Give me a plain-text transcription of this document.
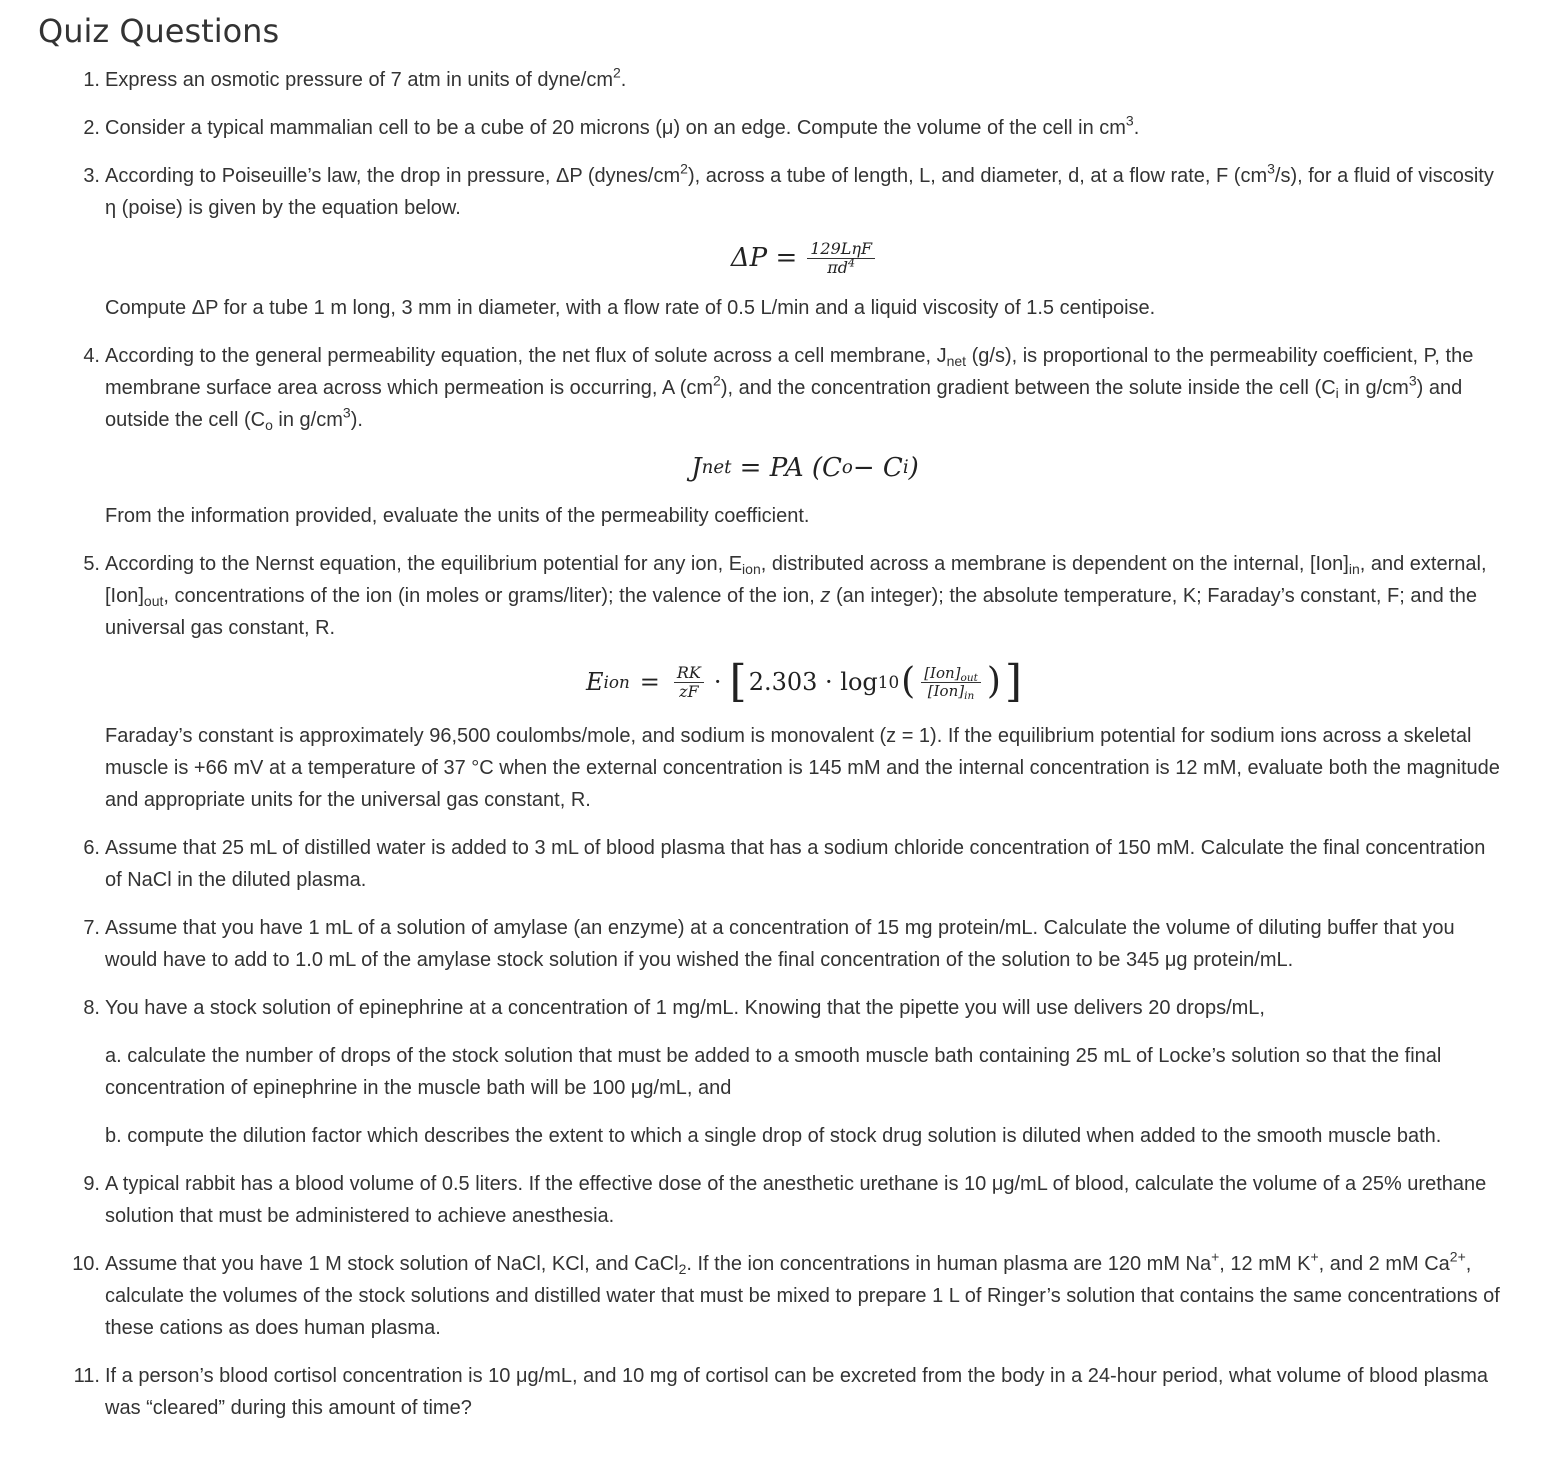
Quiz Questions
1. Express an osmotic pressure of 7 atm in units of dyne/$cm^2$.

2. Consider a typical mammalian cell to be a cube of 20 microns (μ) on an edge. Compute the volume of the cell in $cm^3$.

3. According to Poiseuille’s law, the drop in pressure, ΔP $(dynes/cm^2)$, across a tube of length, L, and diameter, d, at a flow rate, F $(cm^3/s)$, for a fluid of viscosity η (poise) is given by the equation below.

$\Delta P = \frac{\text{129LηF}}{\pi d^4}$

Compute ΔP for a tube 1 m long, 3 mm in diameter, with a flow rate of 0.5 L/min and a liquid viscosity of 1.5 centipoise.

4. According to the general permeability equation, the net flux of solute across a cell membrane, $J_{net}$ (g/s), is proportional to the permeability coefficient, P, the membrane surface area across which permeation is occurring, A $(cm^2)$, and the concentration gradient between the solute inside the cell ($C_i$ in $g/cm^3$) and outside the cell ($C_o$ in $g/cm^3$).

J net
= PA (C o − C i )

From the information provided, evaluate the units of the permeability coefficient.

5. According to the Nernst equation, the equilibrium potential for any ion, $E_{ion}$, distributed across a membrane is dependent on the internal, $[Ion]_{in}$, and external, $[Ion]_{out}$, concentrations of the ion (in moles or grams/liter); the valence of the ion, z (an integer); the absolute temperature, K; Faraday’s constant, F; and the universal gas constant, R.

E ion = $\frac{RK}{zF}$ · [ 2.303 · log 10 ( $\frac{[Ion]_{out}}{[Ion]_{in}}$ ) ]

Faraday’s constant is approximately 96,500 coulombs/mole, and sodium is monovalent (z = 1). If the equilibrium potential for sodium ions across a skeletal muscle is +66 mV at a temperature of 37 °C when the external concentration is 145 mM and the internal concentration is 12 mM, evaluate both the magnitude and appropriate units for the universal gas constant, R.

6. Assume that 25 mL of distilled water is added to 3 mL of blood plasma that has a sodium chloride concentration of 150 mM. Calculate the final concentration of NaCl in the diluted plasma.

7. Assume that you have 1 mL of a solution of amylase (an enzyme) at a concentration of 15 mg protein/mL. Calculate the volume of diluting buffer that you would have to add to 1.0 mL of the amylase stock solution if you wished the final concentration of the solution to be 345 μg protein/mL.

8. You have a stock solution of epinephrine at a concentration of 1 mg/mL. Knowing that the pipette you will use delivers 20 drops/mL,

a. calculate the number of drops of the stock solution that must be added to a smooth muscle bath containing 25 mL of Locke’s solution so that the final concentration of epinephrine in the muscle bath will be 100 μg/mL, and

b. compute the dilution factor which describes the extent to which a single drop of stock drug solution is diluted when added to the smooth muscle bath.

9. A typical rabbit has a blood volume of 0.5 liters. If the effective dose of the anesthetic urethane is 10 μg/mL of blood, calculate the volume of a 25% urethane solution that must be administered to achieve anesthesia.

10. Assume that you have 1 M stock solution of NaCl, KCl, and CaCl$_2$. If the ion concentrations in human plasma are 120 mM Na+, 12 mM K+, and 2 mM $Ca^{2+}$, calculate the volumes of the stock solutions and distilled water that must be mixed to prepare 1 L of Ringer’s solution that contains the same concentrations of these cations as does human plasma.

11. If a person’s blood cortisol concentration is 10 μg/mL, and 10 mg of cortisol can be excreted from the body in a 24-hour period, what volume of blood plasma was “cleared” during this amount of time?
